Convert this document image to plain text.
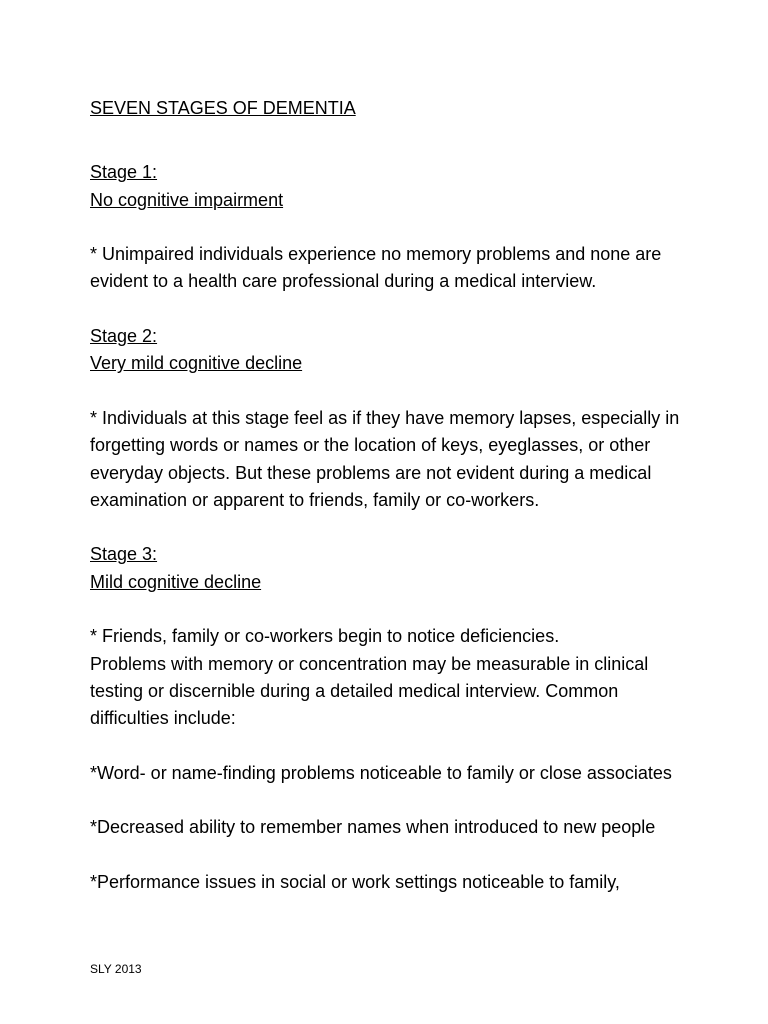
SEVEN STAGES OF DEMENTIA

Stage 1:

No cognitive impairment

* Unimpaired individuals experience no memory problems and none are evident to a health care professional during a medical interview.

Stage 2:

Very mild cognitive decline

* Individuals at this stage feel as if they have memory lapses, especially in forgetting words or names or the location of keys, eyeglasses, or other everyday objects. But these problems are not evident during a medical examination or apparent to friends, family or co-workers.

Stage 3:

Mild cognitive decline

* Friends, family or co-workers begin to notice deficiencies.

Problems with memory or concentration may be measurable in clinical testing or discernible during a detailed medical interview. Common difficulties include:

*Word- or name-finding problems noticeable to family or close associates

*Decreased ability to remember names when introduced to new people

*Performance issues in social or work settings noticeable to family,

SLY 2013
